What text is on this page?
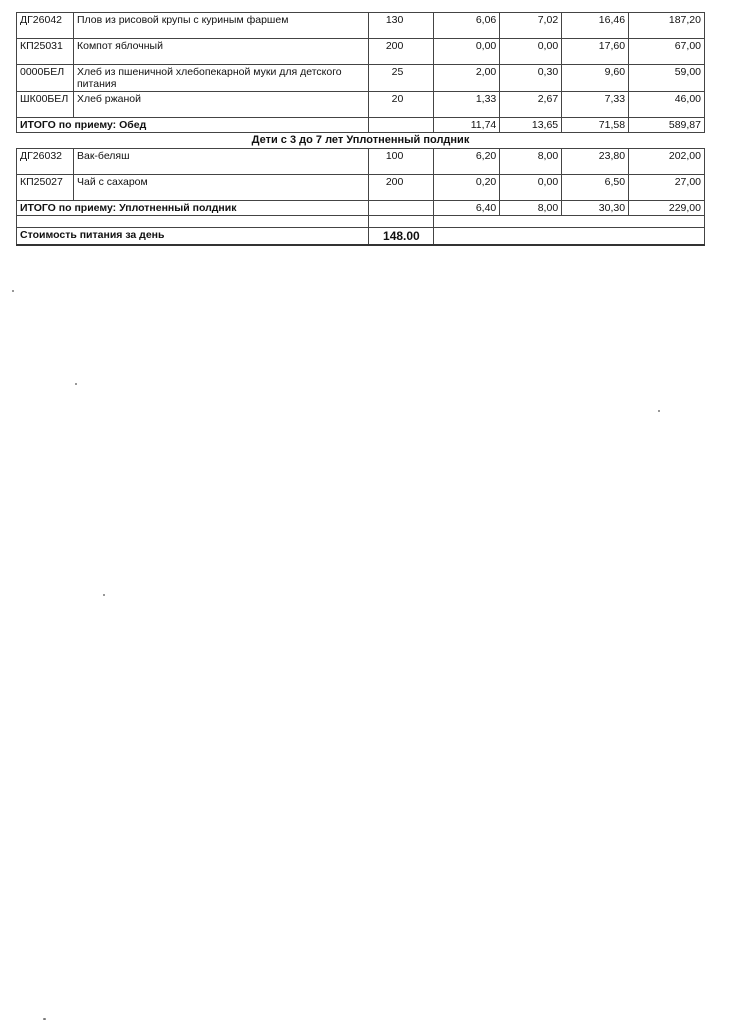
ДГ26042	Плов из рисовой крупы с куриным фаршем	130	6,06	7,02	16,46	187,20
КП25031	Компот яблочный	200	0,00	0,00	17,60	67,00
0000БЕЛ	Хлеб из пшеничной хлебопекарной муки для детского питания	25	2,00	0,30	9,60	59,00
ШК00БЕЛ	Хлеб ржаной	20	1,33	2,67	7,33	46,00
ИТОГО по приему: Обед			11,74	13,65	71,58	589,87
Дети с 3 до 7 лет Уплотненный полдник						
ДГ26032	Вак-беляш	100	6,20	8,00	23,80	202,00
КП25027	Чай с сахаром	200	0,20	0,00	6,50	27,00
ИТОГО по приему: Уплотненный полдник			6,40	8,00	30,30	229,00

Стоимость питания за день		148.00				
